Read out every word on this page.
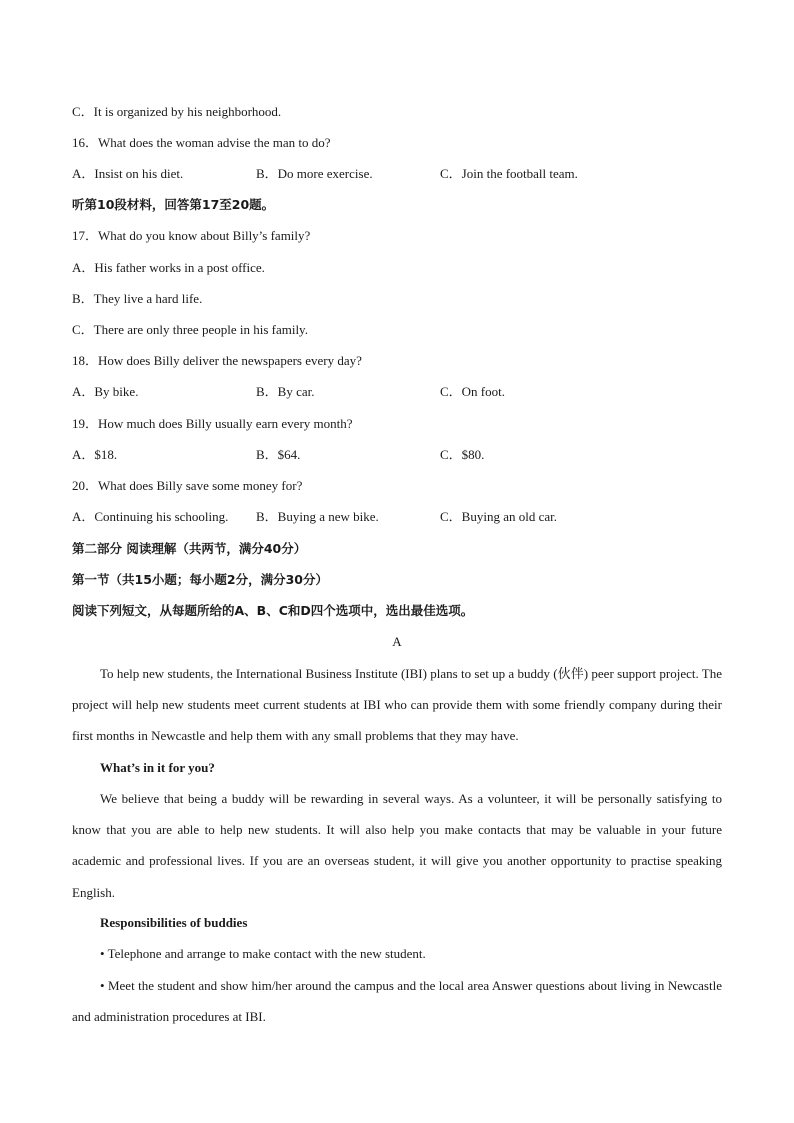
C．It is organized by his neighborhood.
16．What does the woman advise the man to do?
A．Insist on his diet.	B．Do more exercise.	C．Join the football team.
听第10段材料，回答第17至20题。
17．What do you know about Billy’s family?
A．His father works in a post office.
B．They live a hard life.
C．There are only three people in his family.
18．How does Billy deliver the newspapers every day?
A．By bike.	B．By car.	C．On foot.
19．How much does Billy usually earn every month?
A．$18.	B．$64.	C．$80.
20．What does Billy save some money for?
A．Continuing his schooling. B．Buying a new bike.	C．Buying an old car.
第二部分 阅读理解（共两节，满分40分）
第一节（共15小题；每小题2分，满分30分）
阅读下列短文，从每题所给的A、B、C和D四个选项中，选出最佳选项。
A

To help new students, the International Business Institute (IBI) plans to set up a buddy (伙伴) peer support project. The project will help new students meet current students at IBI who can provide them with some friendly company during their first months in Newcastle and help them with any small problems that they may have.

What’s in it for you?

We believe that being a buddy will be rewarding in several ways. As a volunteer, it will be personally satisfying to know that you are able to help new students. It will also help you make contacts that may be valuable in your future academic and professional lives. If you are an overseas student, it will give you another opportunity to practise speaking English.

Responsibilities of buddies
• Telephone and arrange to make contact with the new student.

• Meet the student and show him/her around the campus and the local area Answer questions about living in Newcastle and administration procedures at IBI.
